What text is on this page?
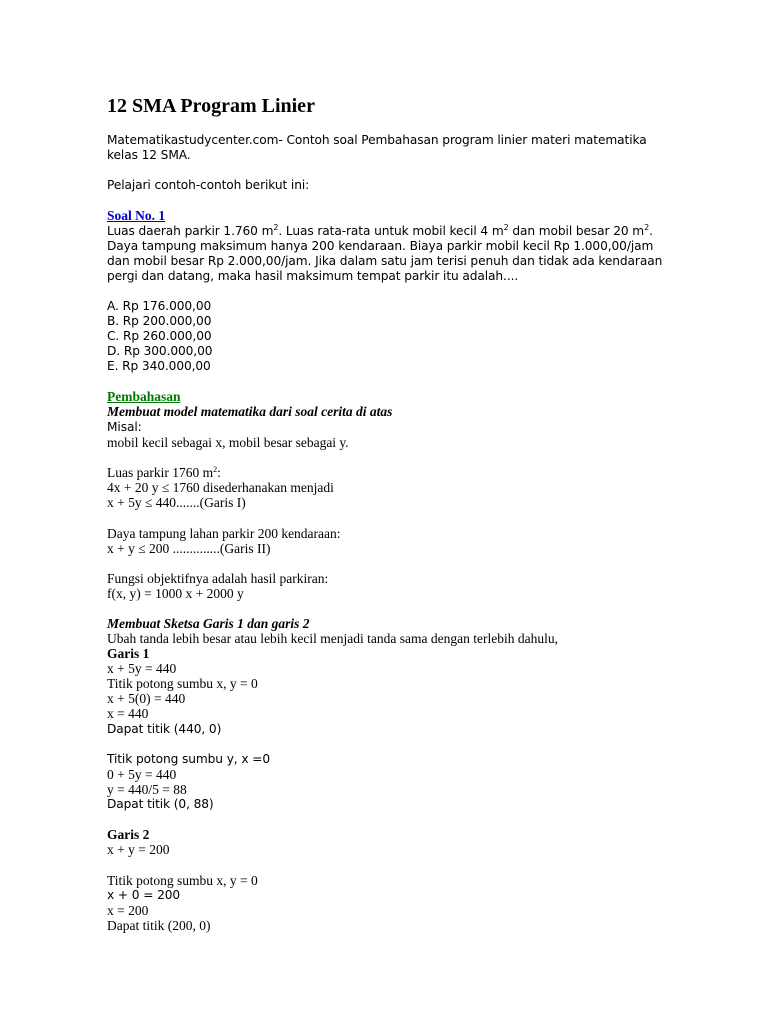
12 SMA Program Linier
Matematikastudycenter.com- Contoh soal Pembahasan program linier materi matematika
kelas 12 SMA.
Pelajari contoh-contoh berikut ini:
Soal No. 1
Luas daerah parkir 1.760 $m^2$. Luas rata-rata untuk mobil kecil 4 $m^2$ dan mobil besar 20 $m^2$.
Daya tampung maksimum hanya 200 kendaraan. Biaya parkir mobil kecil Rp 1.000,00/jam
dan mobil besar Rp 2.000,00/jam. Jika dalam satu jam terisi penuh dan tidak ada kendaraan
pergi dan datang, maka hasil maksimum tempat parkir itu adalah....
A. Rp 176.000,00
B. Rp 200.000,00
C. Rp 260.000,00
D. Rp 300.000,00
E. Rp 340.000,00
Pembahasan
Membuat model matematika dari soal cerita di atas
Misal:
mobil kecil sebagai x, mobil besar sebagai y.
Luas parkir 1760 $m^2$:
4x + 20 y ≤ 1760 disederhanakan menjadi
x + 5y ≤ 440.......(Garis I)
Daya tampung lahan parkir 200 kendaraan:
x + y ≤ 200 ..............(Garis II)
Fungsi objektifnya adalah hasil parkiran:
f(x, y) = 1000 x + 2000 y
Membuat Sketsa Garis 1 dan garis 2
Ubah tanda lebih besar atau lebih kecil menjadi tanda sama dengan terlebih dahulu,
Garis 1
x + 5y = 440
Titik potong sumbu x, y = 0
x + 5(0) = 440
x = 440
Dapat titik (440, 0)
Titik potong sumbu y, x =0
0 + 5y = 440
y = 440/5 = 88
Dapat titik (0, 88)
Garis 2
x + y = 200
Titik potong sumbu x, y = 0
x + 0 = 200
x = 200
Dapat titik (200, 0)
